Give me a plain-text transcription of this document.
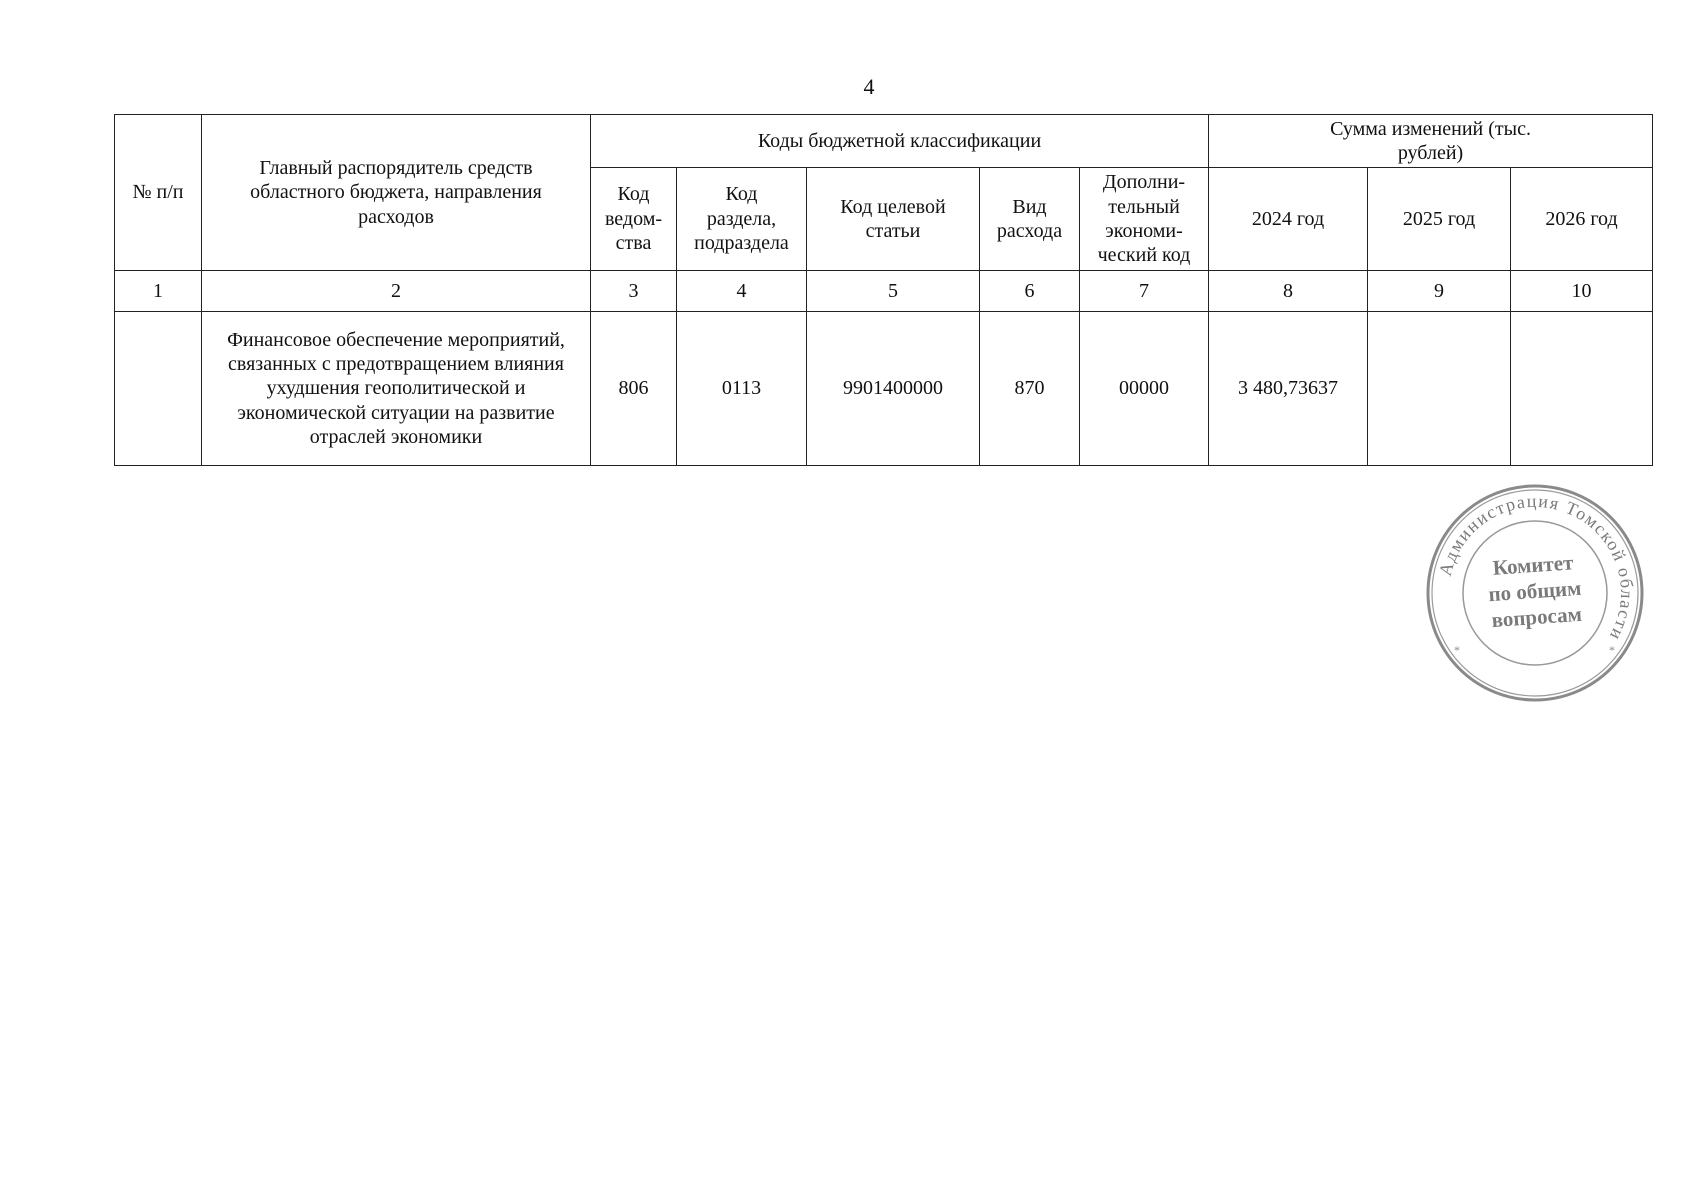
4
№ п/п	Главный распорядитель средств областного бюджета, направления расходов	Коды бюджетной классификации					Сумма изменений (тыс. рублей)		
		Код ведом-ства	Код раздела, подраздела	Код целевой статьи	Вид расхода	Дополни-тельный экономи-ческий код	2024 год	2025 год	2026 год
1	2	3	4	5	6	7	8	9	10
	Финансовое обеспечение мероприятий, связанных с предотвращением влияния ухудшения геополитической и экономической ситуации на развитие отраслей экономики	806	0113	9901400000	870	00000	3 480,73637		
Администрация Томской области
*	*
Комитет
по общим
вопросам
